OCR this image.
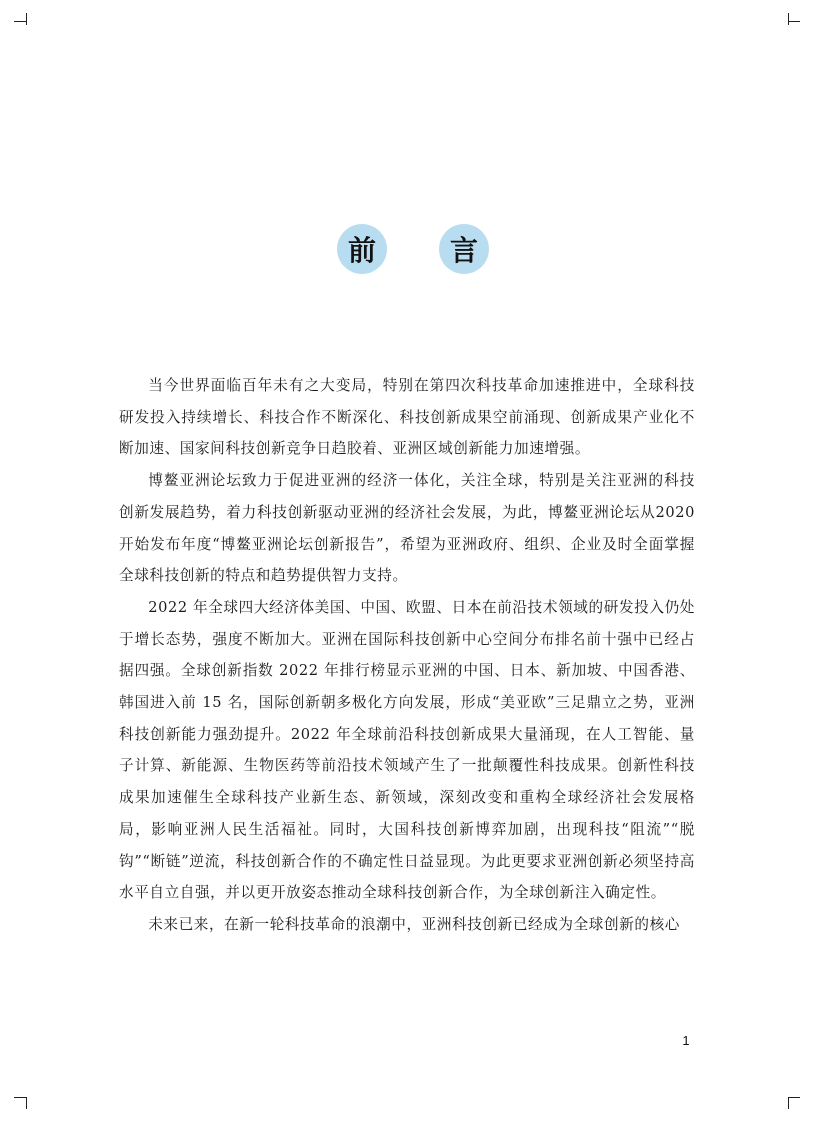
前	言

当今世界面临百年未有之大变局，特别在第四次科技革命加速推进中，全球科技研发投入持续增长、科技合作不断深化、科技创新成果空前涌现、创新成果产业化不断加速、国家间科技创新竞争日趋胶着、亚洲区域创新能力加速增强。

博鳌亚洲论坛致力于促进亚洲的经济一体化，关注全球，特别是关注亚洲的科技创新发展趋势，着力科技创新驱动亚洲的经济社会发展，为此，博鳌亚洲论坛从2020开始发布年度“博鳌亚洲论坛创新报告”，希望为亚洲政府、组织、企业及时全面掌握全球科技创新的特点和趋势提供智力支持。

2022 年全球四大经济体美国、中国、欧盟、日本在前沿技术领域的研发投入仍处于增长态势，强度不断加大。亚洲在国际科技创新中心空间分布排名前十强中已经占据四强。全球创新指数 2022 年排行榜显示亚洲的中国、日本、新加坡、中国香港、韩国进入前 15 名，国际创新朝多极化方向发展，形成“美亚欧”三足鼎立之势，亚洲科技创新能力强劲提升。2022 年全球前沿科技创新成果大量涌现，在人工智能、量子计算、新能源、生物医药等前沿技术领域产生了一批颠覆性科技成果。创新性科技成果加速催生全球科技产业新生态、新领域，深刻改变和重构全球经济社会发展格局，影响亚洲人民生活福祉。同时，大国科技创新博弈加剧，出现科技“阻流”“脱钩”“断链”逆流，科技创新合作的不确定性日益显现。为此更要求亚洲创新必须坚持高水平自立自强，并以更开放姿态推动全球科技创新合作，为全球创新注入确定性。

未来已来，在新一轮科技革命的浪潮中，亚洲科技创新已经成为全球创新的核心

1
